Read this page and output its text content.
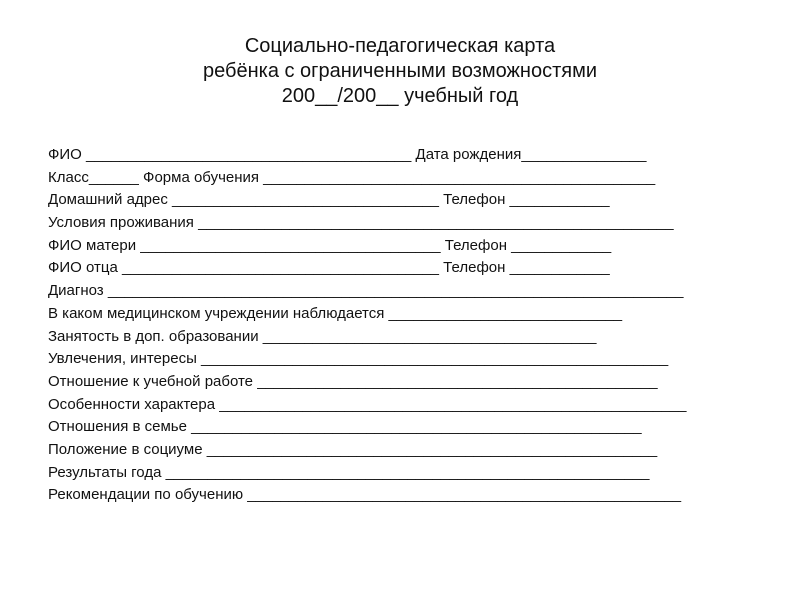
Социально-педагогическая карта
ребёнка с ограниченными возможностями
200__/200__ учебный год
ФИО _______________________________________ Дата рождения_______________
Класс______ Форма обучения _______________________________________________
Домашний адрес ________________________________ Телефон ____________
Условия проживания _________________________________________________________
ФИО матери ____________________________________ Телефон ____________
ФИО отца ______________________________________ Телефон ____________
Диагноз _____________________________________________________________________
В каком медицинском учреждении наблюдается ____________________________
Занятость в доп. образовании ________________________________________
Увлечения, интересы ________________________________________________________
Отношение к учебной работе ________________________________________________
Особенности характера ________________________________________________________
Отношения в семье ______________________________________________________
Положение в социуме ______________________________________________________
Результаты года __________________________________________________________
Рекомендации по обучению ____________________________________________________
